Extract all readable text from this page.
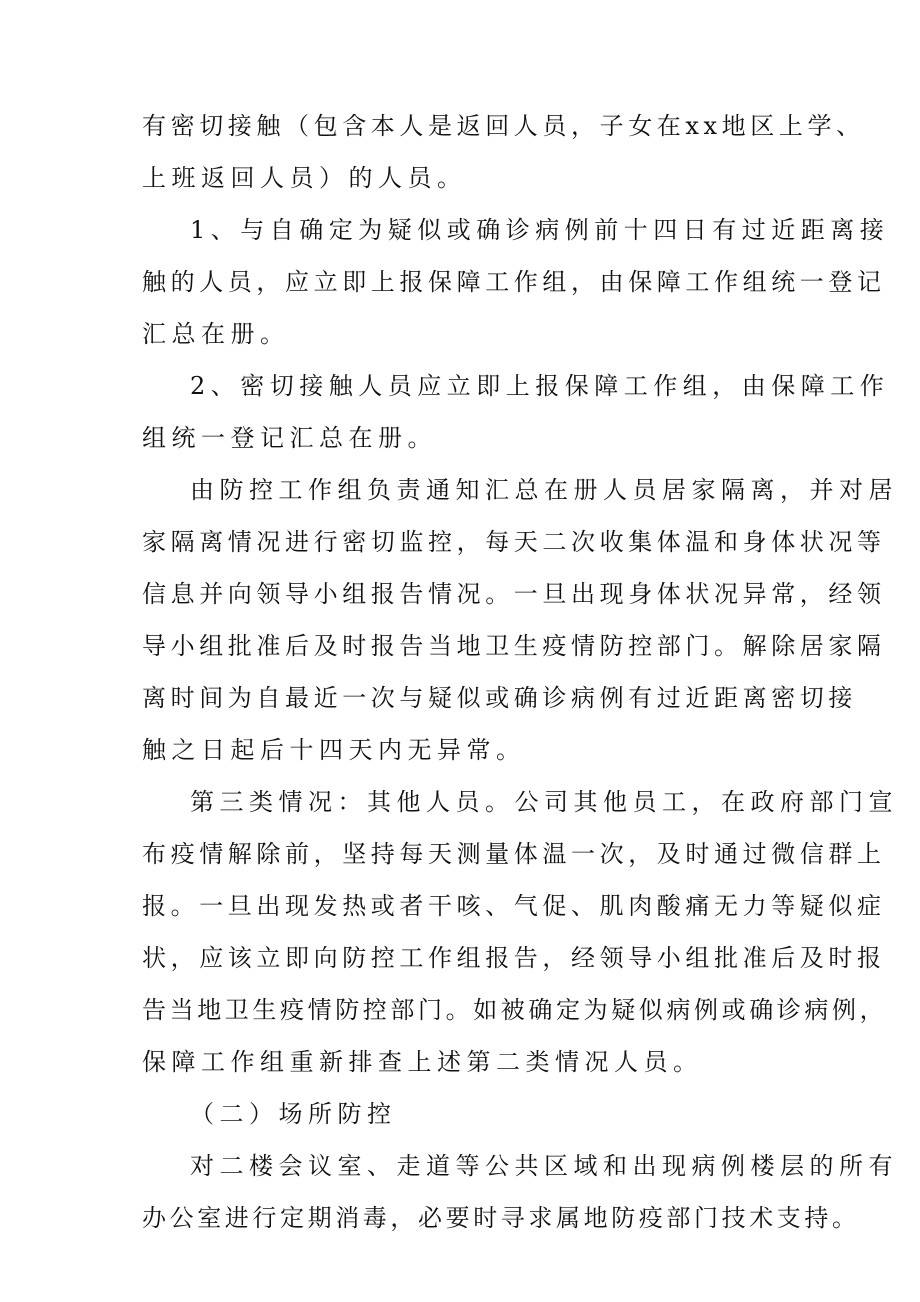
有密切接触（包含本人是返回人员，子女在xx地区上学、
上班返回人员）的人员。
1、与自确定为疑似或确诊病例前十四日有过近距离接
触的人员，应立即上报保障工作组，由保障工作组统一登记
汇总在册。
2、密切接触人员应立即上报保障工作组，由保障工作
组统一登记汇总在册。
由防控工作组负责通知汇总在册人员居家隔离，并对居
家隔离情况进行密切监控，每天二次收集体温和身体状况等
信息并向领导小组报告情况。一旦出现身体状况异常，经领
导小组批准后及时报告当地卫生疫情防控部门。解除居家隔
离时间为自最近一次与疑似或确诊病例有过近距离密切接
触之日起后十四天内无异常。
第三类情况：其他人员。公司其他员工，在政府部门宣
布疫情解除前，坚持每天测量体温一次，及时通过微信群上
报。一旦出现发热或者干咳、气促、肌肉酸痛无力等疑似症
状，应该立即向防控工作组报告，经领导小组批准后及时报
告当地卫生疫情防控部门。如被确定为疑似病例或确诊病例，
保障工作组重新排查上述第二类情况人员。
（二）场所防控
对二楼会议室、走道等公共区域和出现病例楼层的所有
办公室进行定期消毒，必要时寻求属地防疫部门技术支持。
